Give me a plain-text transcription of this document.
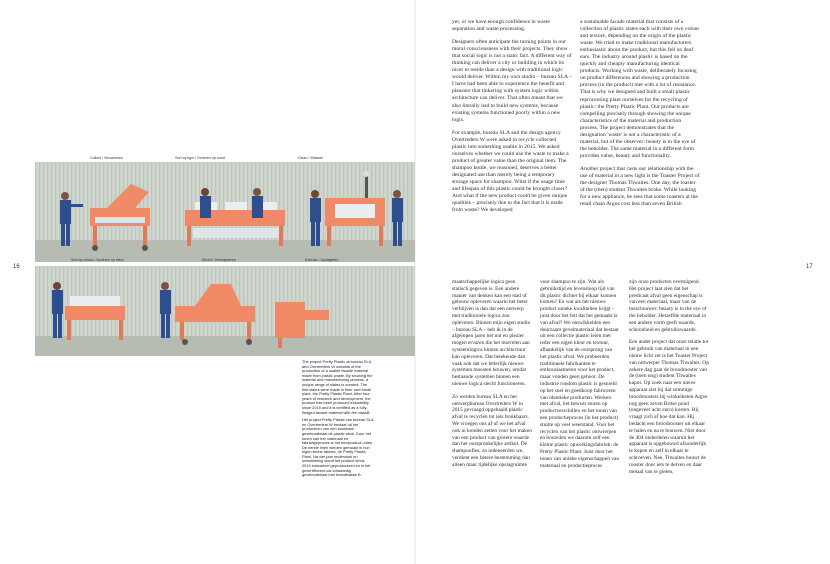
16	17
Collect / Verzamelen	Sort by type / Sorteren op soort	Clean / Wassen
Sort by colour / Sorteren op kleur	Shred / Versnipperen	Extrude / Spuitgieten

The project Pretty Plastic at bureau SLA and Overtreders W consists of the production of a usable facade material made from plastic waste. By showing the material and manufacturing process, a unique range of slates is created. The first slates were made in their own small plant, the Pretty Plastic Plant. After four years of research and development, the product has been produced industrially since 2019 and it is certified as a fully-fledged facade material with fire classB.

Het project Pretty Plastic van bureau SLA en Overtreders W bestaat uit het produceren van een bruikbaar gevelmateriaal uit plastic afval. Door het tonen van het materiaal en fabricageproces is het eindproduct uniek. De eerste leien werden gemaakt in hun eigen kleine fabriek, de Pretty Plastic Plant. Na vier jaar onderzoek en ontwikkeling wordt het product sinds 2019 industrieel geproduceerd en is het gecertificeerd als volwaardig gevelmateriaal met brandklasse B.

yet, or we have enough confidence in waste separation and waste processing.

Designers often anticipate the turning points in our moral consciousness with their projects. They show that social logic is not a static fact. A different way of thinking can deliver a city or building in which its nicer to reside than a design with traditional logic would deliver. Within my own studio – bureau SLA – I have had been able to experience the benefit and pleasure that tinkering with system logic within architecture can deliver. That often meant that we also literally had to build new systems, because existing systems functioned poorly within a new logic.

For example, bureau SLA and the design agency Overtreders W were asked to recycle collected plastic into something usable in 2015. We asked ourselves whether we could use the waste to make a product of greater value than the original item. The shampoo bottle, we reasoned, deserves a better designated use than merely being a temporary storage space for shampoo. What if the usage time and lifespan of this plastic could be brought closer? And what if the new product could be given unique qualities – precisely due to the fact that it is made from waste? We developed

a sustainable facade material that consists of a collection of plastic slates each with their own colour and texture, depending on the origin of the plastic waste. We tried to make traditional manufacturers enthusiastic about the product, but this fell on deaf ears. The industry around plastic is based on the quickly and cheaply manufacturing identical products. Working with waste, deliberately focusing on product differences and showing a production process (in the product) met with a lot of resistance. That is why we designed and built a small plastic reprocessing plant ourselves for the recycling of plastic: the Pretty Plastic Plant. Our products are compelling precisely through showing the unique characteristics of the material and production process. The project demonstrates that the designation 'waste' is not a characteristic of a material, but of the observer: beauty is in the eye of the beholder. The same material in a different form provides value, beauty and functionality.

Another project that casts our relationship with the use of material in a new light is the Toaster Project of the designer Thomas Thwaites. One day, the toaster of the (then) student Thwaites broke. While looking for a new appliance, he sees that some toasters at the retail chain Argos cost less than seven British

maatschappelijke logica geen statisch gegeven is. Een andere manier van denken kan een stad of gebouw opleveren waarin het beter verblijven is dan dat een ontwerp met traditionele logica zou opleveren. Binnen mijn eigen studio – bureau SLA – heb ik in de afgelopen jaren het nut en plezier mogen ervaren die het morrelen aan systeemlogica binnen architectuur kan opleveren. Dat betekende dan vaak ook dat we letterlijk nieuwe systemen moesten bouwen, omdat bestaande systemen binnen een nieuwe logica slecht functioneren.

Zo werden bureau SLA en het ontwerpbureau Overtreders W in 2015 gevraagd opgehaald plastic afval te recyclen tot iets bruikbaars. We vroegen ons af of we het afval ook in konden zetten voor het maken van een product van grotere waarde dan het oorspronkelijke artikel. De shampoofles, zo redeneerden we, verdient een betere bestemming dan alleen maar tijdelijke opslagruimte

voor shampoo te zijn. Wat als gebruikstijd en levensloop tijd van dit plastic dichter bij elkaar kunnen komen? En wat als het nieuwe product unieke kwaliteiten krijgt – juist door het feit dat het gemaakt is van afval? We ontwikkelden een duurzaam gevelmateriaal dat bestaat uit een collectie plastic leien met ieder een eigen kleur en textuur, afhankelijk van de oorsprong van het plastic afval. We probeerden traditionele fabrikanten te enthousiasmeren voor het product, maar vonden geen gehoor. De industrie rondom plastic is gestoeld op het snel en goedkoop fabriceren van identieke producten. Werken met afval, het bewust sturen op productverschillen en het tonen van een productieproces (in het product) stuitte op veel weerstand. Voor het recyclen van het plastic ontwierpen en bouwden we daarom zelf een kleine plastic opwerkingsfabriek: de Pretty Plastic Plant. Juist door het tonen van unieke eigenschappen van materiaal en productieproces

zijn onze producten overtuigend. Het project laat zien dat het predicaat afval geen eigenschap is van een materiaal, maar van de toeschouwer: beauty is in the eye of the beholder. Hetzelfde materiaal in een andere vorm geeft waarde, schoonheid en gebruikswaarde.

Een ander project dat onze relatie tot het gebruik van materiaal in een nieuw licht zet is het Toaster Project van ontwerper Thomas Thwaites. Op zekere dag gaat de broodrooster van de (toen nog) student Thwaites kapot. Op zoek naar een nieuw apparaat ziet hij dat sommige broodroosters bij winkelketen Argos nog geen zeven Britse pond (ongeveer acht euro) kosten. Hij vraagt zich af hoe dat kan. Hij bedacht een broodrooster uit elkaar te halen en na te bouwen. Niet door de 404 onderdelen waaruit het apparaat is opgebouwd afzonderlijk te kopen en zelf in elkaar te schroeven. Nee, Thwaites bouwt de rooster door iets te delven en daar metaal van te gieten,
